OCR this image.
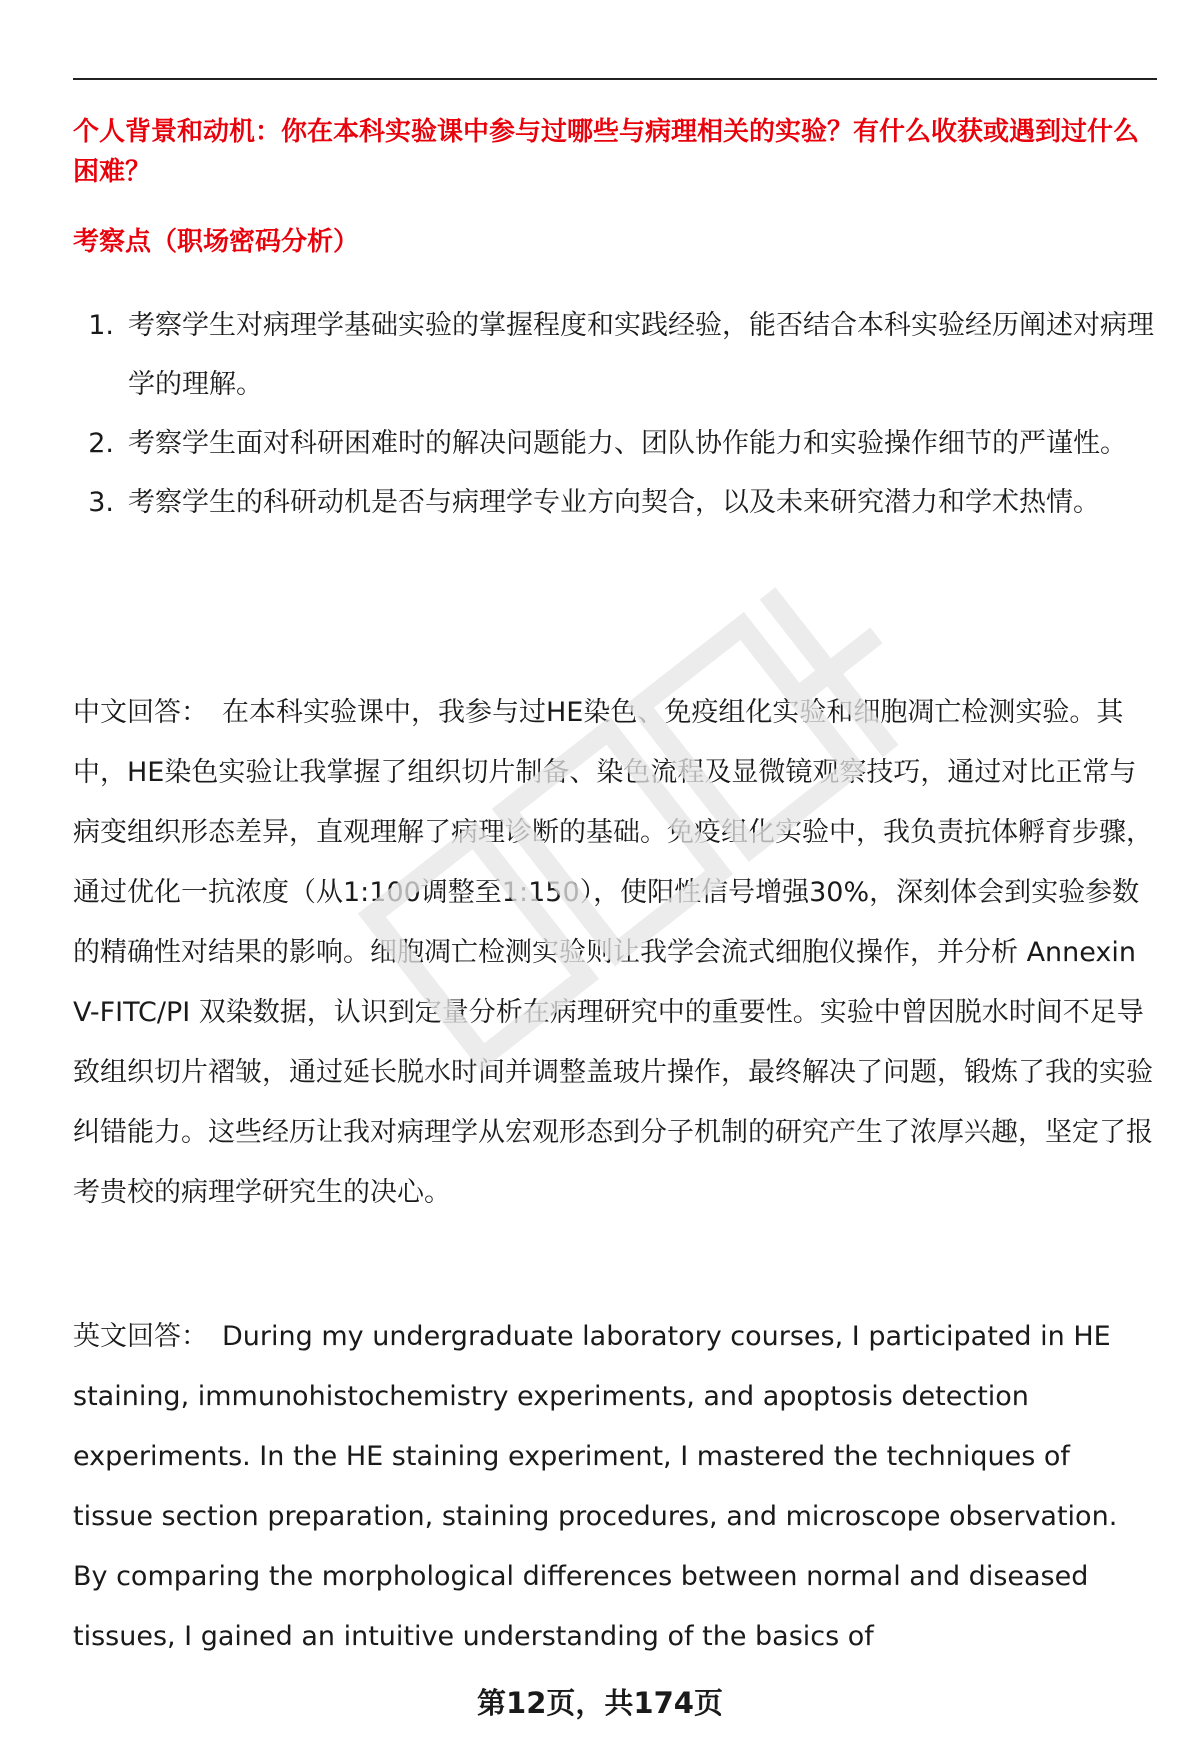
个人背景和动机：你在本科实验课中参与过哪些与病理相关的实验？有什么收获或遇到过什么困难？
考察点（职场密码分析）
1. 考察学生对病理学基础实验的掌握程度和实践经验，能否结合本科实验经历阐述对病理学的理解。
2. 考察学生面对科研困难时的解决问题能力、团队协作能力和实验操作细节的严谨性。
3. 考察学生的科研动机是否与病理学专业方向契合，以及未来研究潜力和学术热情。

中文回答： 在本科实验课中，我参与过HE染色、免疫组化实验和细胞凋亡检测实验。其中，HE染色实验让我掌握了组织切片制备、染色流程及显微镜观察技巧，通过对比正常与病变组织形态差异，直观理解了病理诊断的基础。免疫组化实验中，我负责抗体孵育步骤，通过优化一抗浓度（从1:100调整至1:150），使阳性信号增强30%，深刻体会到实验参数的精确性对结果的影响。细胞凋亡检测实验则让我学会流式细胞仪操作，并分析 Annexin V-FITC/PI 双染数据，认识到定量分析在病理研究中的重要性。实验中曾因脱水时间不足导致组织切片褶皱，通过延长脱水时间并调整盖玻片操作，最终解决了问题，锻炼了我的实验纠错能力。这些经历让我对病理学从宏观形态到分子机制的研究产生了浓厚兴趣，坚定了报考贵校的病理学研究生的决心。

英文回答： During my undergraduate laboratory courses, I participated in HE staining, immunohistochemistry experiments, and apoptosis detection experiments. In the HE staining experiment, I mastered the techniques of tissue section preparation, staining procedures, and microscope observation. By comparing the morphological differences between normal and diseased tissues, I gained an intuitive understanding of the basics of

第12页，共174页
